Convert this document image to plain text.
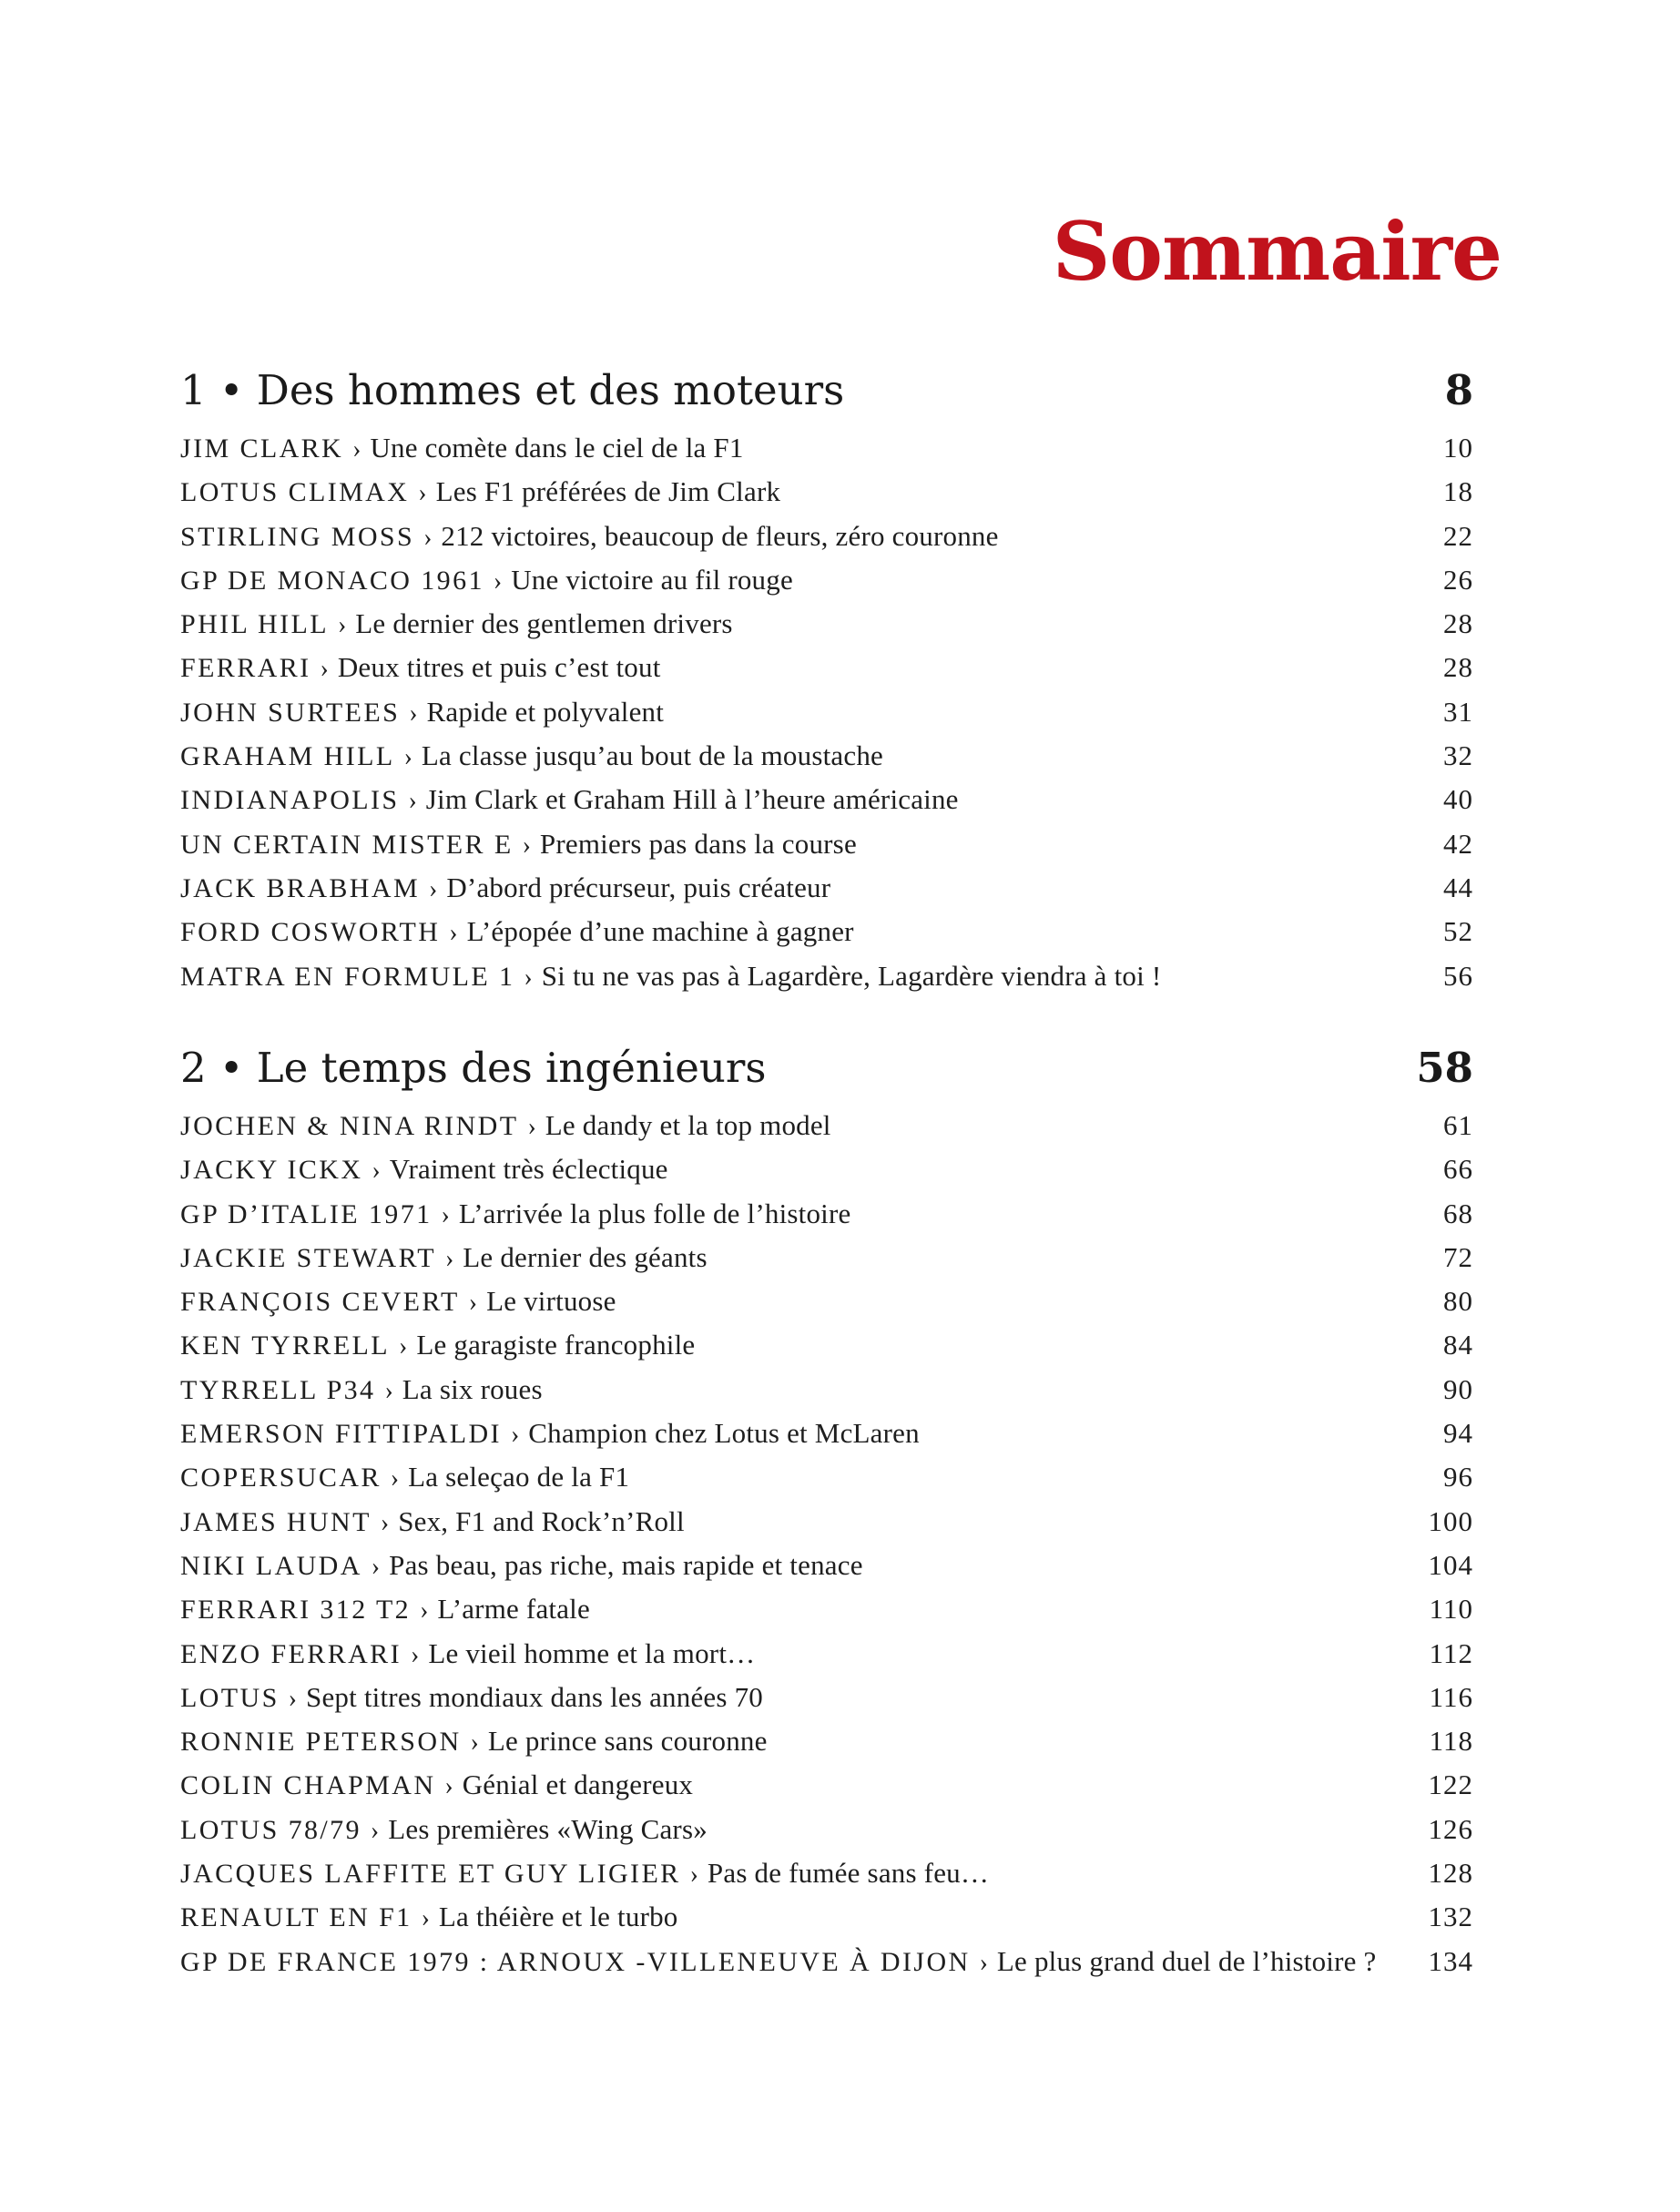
Sommaire
1 • Des hommes et des moteurs	8
JIM CLARK › Une comète dans le ciel de la F1	10
LOTUS CLIMAX › Les F1 préférées de Jim Clark	18
STIRLING MOSS › 212 victoires, beaucoup de fleurs, zéro couronne	22
GP DE MONACO 1961 › Une victoire au fil rouge	26
PHIL HILL › Le dernier des gentlemen drivers	28
FERRARI › Deux titres et puis c’est tout	28
JOHN SURTEES › Rapide et polyvalent	31
GRAHAM HILL › La classe jusqu’au bout de la moustache	32
INDIANAPOLIS › Jim Clark et Graham Hill à l’heure américaine	40
UN CERTAIN MISTER E › Premiers pas dans la course	42
JACK BRABHAM › D’abord précurseur, puis créateur	44
FORD COSWORTH › L’épopée d’une machine à gagner	52
MATRA EN FORMULE 1 › Si tu ne vas pas à Lagardère, Lagardère viendra à toi !	56
2 • Le temps des ingénieurs	58
JOCHEN & NINA RINDT › Le dandy et la top model	61
JACKY ICKX › Vraiment très éclectique	66
GP D’ITALIE 1971 › L’arrivée la plus folle de l’histoire	68
JACKIE STEWART › Le dernier des géants	72
FRANÇOIS CEVERT › Le virtuose	80
KEN TYRRELL › Le garagiste francophile	84
TYRRELL P34 › La six roues	90
EMERSON FITTIPALDI › Champion chez Lotus et McLaren	94
COPERSUCAR › La seleçao de la F1	96
JAMES HUNT › Sex, F1 and Rock’n’Roll	100
NIKI LAUDA › Pas beau, pas riche, mais rapide et tenace	104
FERRARI 312 T2 › L’arme fatale	110
ENZO FERRARI › Le vieil homme et la mort…	112
LOTUS › Sept titres mondiaux dans les années 70	116
RONNIE PETERSON › Le prince sans couronne	118
COLIN CHAPMAN › Génial et dangereux	122
LOTUS 78/79 › Les premières «Wing Cars»	126
JACQUES LAFFITE ET GUY LIGIER › Pas de fumée sans feu…	128
RENAULT EN F1 › La théière et le turbo	132
GP DE FRANCE 1979 : ARNOUX -VILLENEUVE À DIJON › Le plus grand duel de l’histoire ? 134
